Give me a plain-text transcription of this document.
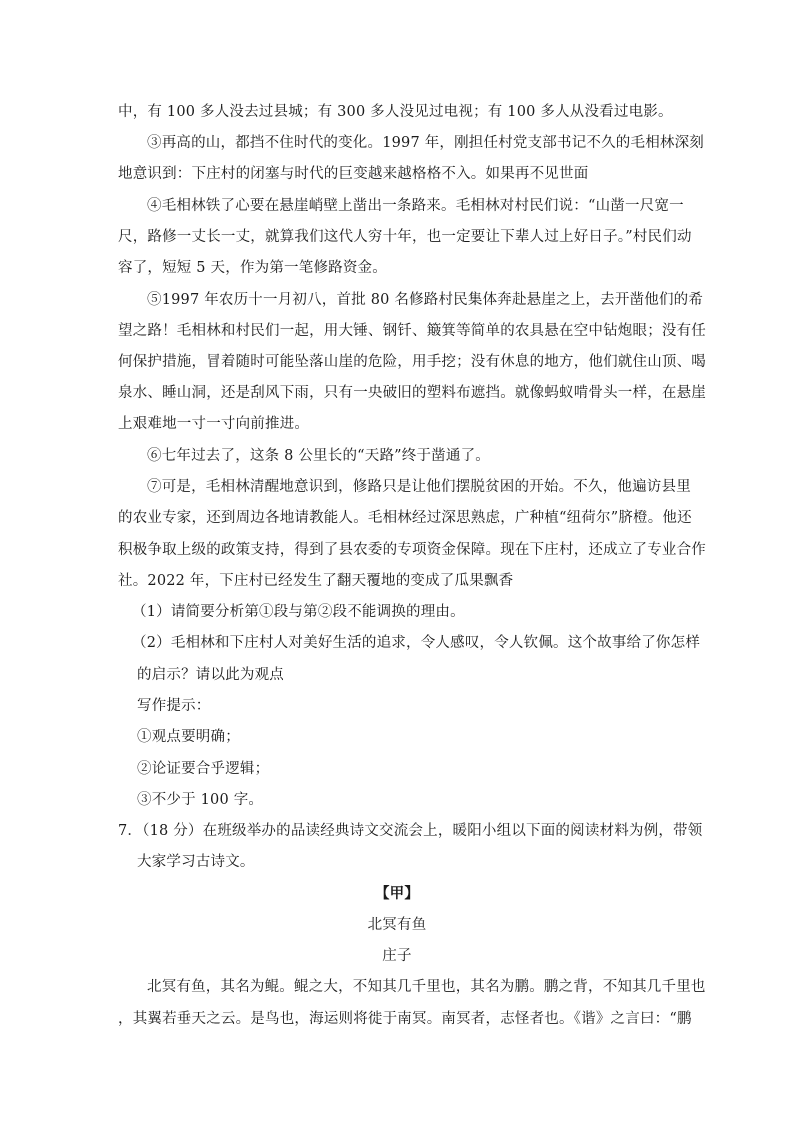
中，有 100 多人没去过县城；有 300 多人没见过电视；有 100 多人从没看过电影。
③再高的山，都挡不住时代的变化。1997 年，刚担任村党支部书记不久的毛相林深刻
地意识到：下庄村的闭塞与时代的巨变越来越格格不入。如果再不见世面
④毛相林铁了心要在悬崖峭壁上凿出一条路来。毛相林对村民们说：“山凿一尺宽一
尺，路修一丈长一丈，就算我们这代人穷十年，也一定要让下辈人过上好日子。”村民们动
容了，短短 5 天，作为第一笔修路资金。
⑤1997 年农历十一月初八，首批 80 名修路村民集体奔赴悬崖之上，去开凿他们的希
望之路！毛相林和村民们一起，用大锤、钢钎、簸箕等简单的农具悬在空中钻炮眼；没有任
何保护措施，冒着随时可能坠落山崖的危险，用手挖；没有休息的地方，他们就住山顶、喝
泉水、睡山洞，还是刮风下雨，只有一央破旧的塑料布遮挡。就像蚂蚁啃骨头一样，在悬崖
上艰难地一寸一寸向前推进。
⑥七年过去了，这条 8 公里长的“天路”终于凿通了。
⑦可是，毛相林清醒地意识到，修路只是让他们摆脱贫困的开始。不久，他遍访县里
的农业专家，还到周边各地请教能人。毛相林经过深思熟虑，广种植“纽荷尔”脐橙。他还
积极争取上级的政策支持，得到了县农委的专项资金保障。现在下庄村，还成立了专业合作
社。2022 年，下庄村已经发生了翻天覆地的变成了瓜果飘香
（1）请简要分析第①段与第②段不能调换的理由。
（2）毛相林和下庄村人对美好生活的追求，令人感叹，令人钦佩。这个故事给了你怎样
的启示？请以此为观点
写作提示：
①观点要明确；
②论证要合乎逻辑；
③不少于 100 字。
7．（18 分）在班级举办的品读经典诗文交流会上，暖阳小组以下面的阅读材料为例，带领
大家学习古诗文。
【甲】
北冥有鱼
庄子
北冥有鱼，其名为鲲。鲲之大，不知其几千里也，其名为鹏。鹏之背，不知其几千里也
，其翼若垂天之云。是鸟也，海运则将徙于南冥。南冥者，志怪者也。《谐》之言曰：“鹏
